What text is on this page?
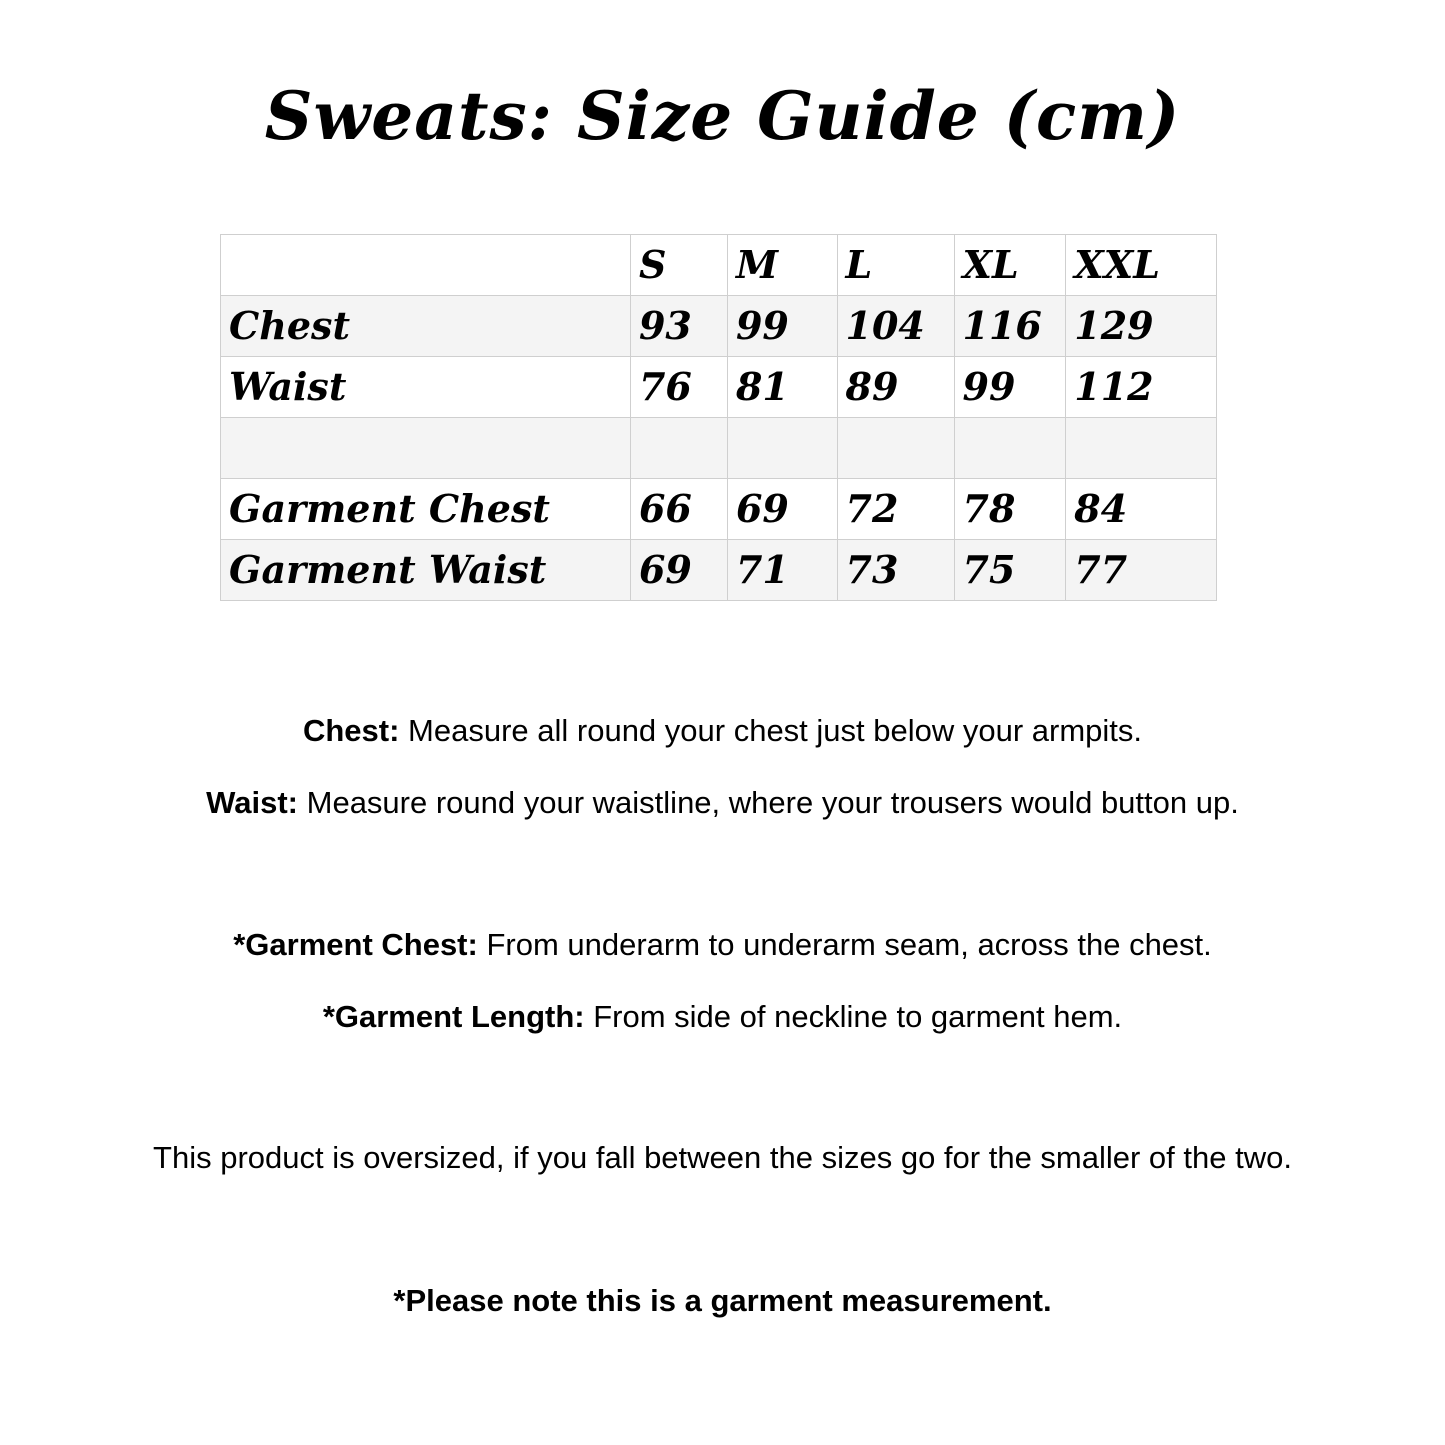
Sweats: Size Guide (cm)
	S	M	L	XL	XXL
Chest	93	99	104	116	129
Waist	76	81	89	99	112

Garment Chest	66	69	72	78	84
Garment Waist	69	71	73	75	77

Chest: Measure all round your chest just below your armpits.

Waist: Measure round your waistline, where your trousers would button up.

*Garment Chest: From underarm to underarm seam, across the chest.

*Garment Length: From side of neckline to garment hem.

This product is oversized, if you fall between the sizes go for the smaller of the two.

*Please note this is a garment measurement.
